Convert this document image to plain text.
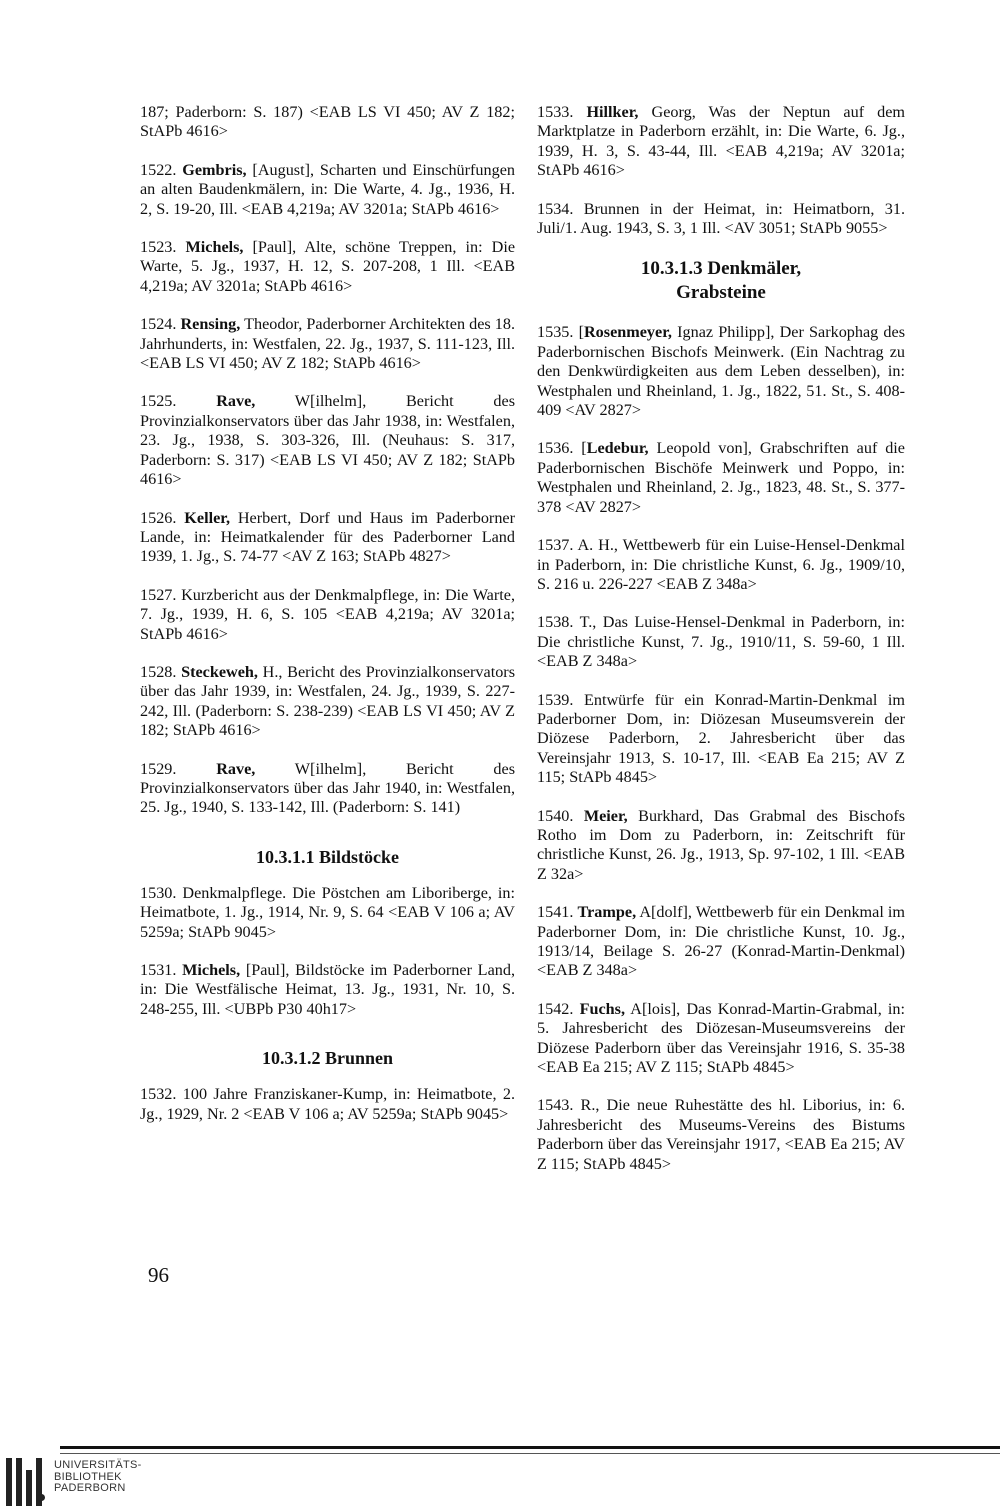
187; Paderborn: S. 187) <EAB LS VI 450; AV Z 182; StAPb 4616>
1522. Gembris, [August], Scharten und Einschürfungen an alten Baudenkmälern, in: Die Warte, 4. Jg., 1936, H. 2, S. 19-20, Ill. <EAB 4,219a; AV 3201a; StAPb 4616>
1523. Michels, [Paul], Alte, schöne Treppen, in: Die Warte, 5. Jg., 1937, H. 12, S. 207-208, 1 Ill. <EAB 4,219a; AV 3201a; StAPb 4616>
1524. Rensing, Theodor, Paderborner Architekten des 18. Jahrhunderts, in: Westfalen, 22. Jg., 1937, S. 111-123, Ill. <EAB LS VI 450; AV Z 182; StAPb 4616>
1525. Rave, W[ilhelm], Bericht des Provinzialkonservators über das Jahr 1938, in: Westfalen, 23. Jg., 1938, S. 303-326, Ill. (Neuhaus: S. 317, Paderborn: S. 317) <EAB LS VI 450; AV Z 182; StAPb 4616>
1526. Keller, Herbert, Dorf und Haus im Paderborner Lande, in: Heimatkalender für des Paderborner Land 1939, 1. Jg., S. 74-77 <AV Z 163; StAPb 4827>
1527. Kurzbericht aus der Denkmalpflege, in: Die Warte, 7. Jg., 1939, H. 6, S. 105 <EAB 4,219a; AV 3201a; StAPb 4616>
1528. Steckeweh, H., Bericht des Provinzialkonservators über das Jahr 1939, in: Westfalen, 24. Jg., 1939, S. 227-242, Ill. (Paderborn: S. 238-239) <EAB LS VI 450; AV Z 182; StAPb 4616>
1529. Rave, W[ilhelm], Bericht des Provinzialkonservators über das Jahr 1940, in: Westfalen, 25. Jg., 1940, S. 133-142, Ill. (Paderborn: S. 141)
10.3.1.1 Bildstöcke
1530. Denkmalpflege. Die Pöstchen am Liboriberge, in: Heimatbote, 1. Jg., 1914, Nr. 9, S. 64 <EAB V 106 a; AV 5259a; StAPb 9045>
1531. Michels, [Paul], Bildstöcke im Paderborner Land, in: Die Westfälische Heimat, 13. Jg., 1931, Nr. 10, S. 248-255, Ill. <UBPb P30 40h17>
10.3.1.2 Brunnen
1532. 100 Jahre Franziskaner-Kump, in: Heimatbote, 2. Jg., 1929, Nr. 2 <EAB V 106 a; AV 5259a; StAPb 9045>
1533. Hillker, Georg, Was der Neptun auf dem Marktplatze in Paderborn erzählt, in: Die Warte, 6. Jg., 1939, H. 3, S. 43-44, Ill. <EAB 4,219a; AV 3201a; StAPb 4616>
1534. Brunnen in der Heimat, in: Heimatborn, 31. Juli/1. Aug. 1943, S. 3, 1 Ill. <AV 3051; StAPb 9055>
10.3.1.3 Denkmäler,
Grabsteine
1535. [Rosenmeyer, Ignaz Philipp], Der Sarkophag des Paderbornischen Bischofs Meinwerk. (Ein Nachtrag zu den Denkwürdigkeiten aus dem Leben desselben), in: Westphalen und Rheinland, 1. Jg., 1822, 51. St., S. 408-409 <AV 2827>
1536. [Ledebur, Leopold von], Grabschriften auf die Paderbornischen Bischöfe Meinwerk und Poppo, in: Westphalen und Rheinland, 2. Jg., 1823, 48. St., S. 377-378 <AV 2827>
1537. A. H., Wettbewerb für ein Luise-Hensel-Denkmal in Paderborn, in: Die christliche Kunst, 6. Jg., 1909/10, S. 216 u. 226-227 <EAB Z 348a>
1538. T., Das Luise-Hensel-Denkmal in Paderborn, in: Die christliche Kunst, 7. Jg., 1910/11, S. 59-60, 1 Ill. <EAB Z 348a>
1539. Entwürfe für ein Konrad-Martin-Denkmal im Paderborner Dom, in: Diözesan Museumsverein der Diözese Paderborn, 2. Jahresbericht über das Vereinsjahr 1913, S. 10-17, Ill. <EAB Ea 215; AV Z 115; StAPb 4845>
1540. Meier, Burkhard, Das Grabmal des Bischofs Rotho im Dom zu Paderborn, in: Zeitschrift für christliche Kunst, 26. Jg., 1913, Sp. 97-102, 1 Ill. <EAB Z 32a>
1541. Trampe, A[dolf], Wettbewerb für ein Denkmal im Paderborner Dom, in: Die christliche Kunst, 10. Jg., 1913/14, Beilage S. 26-27 (Konrad-Martin-Denkmal) <EAB Z 348a>
1542. Fuchs, A[lois], Das Konrad-Martin-Grabmal, in: 5. Jahresbericht des Diözesan-Museumsvereins der Diözese Paderborn über das Vereinsjahr 1916, S. 35-38 <EAB Ea 215; AV Z 115; StAPb 4845>
1543. R., Die neue Ruhestätte des hl. Liborius, in: 6. Jahresbericht des Museums-Vereins des Bistums Paderborn über das Vereinsjahr 1917, <EAB Ea 215; AV Z 115; StAPb 4845>
96
UNIVERSITÄTS-
BIBLIOTHEK
PADERBORN
